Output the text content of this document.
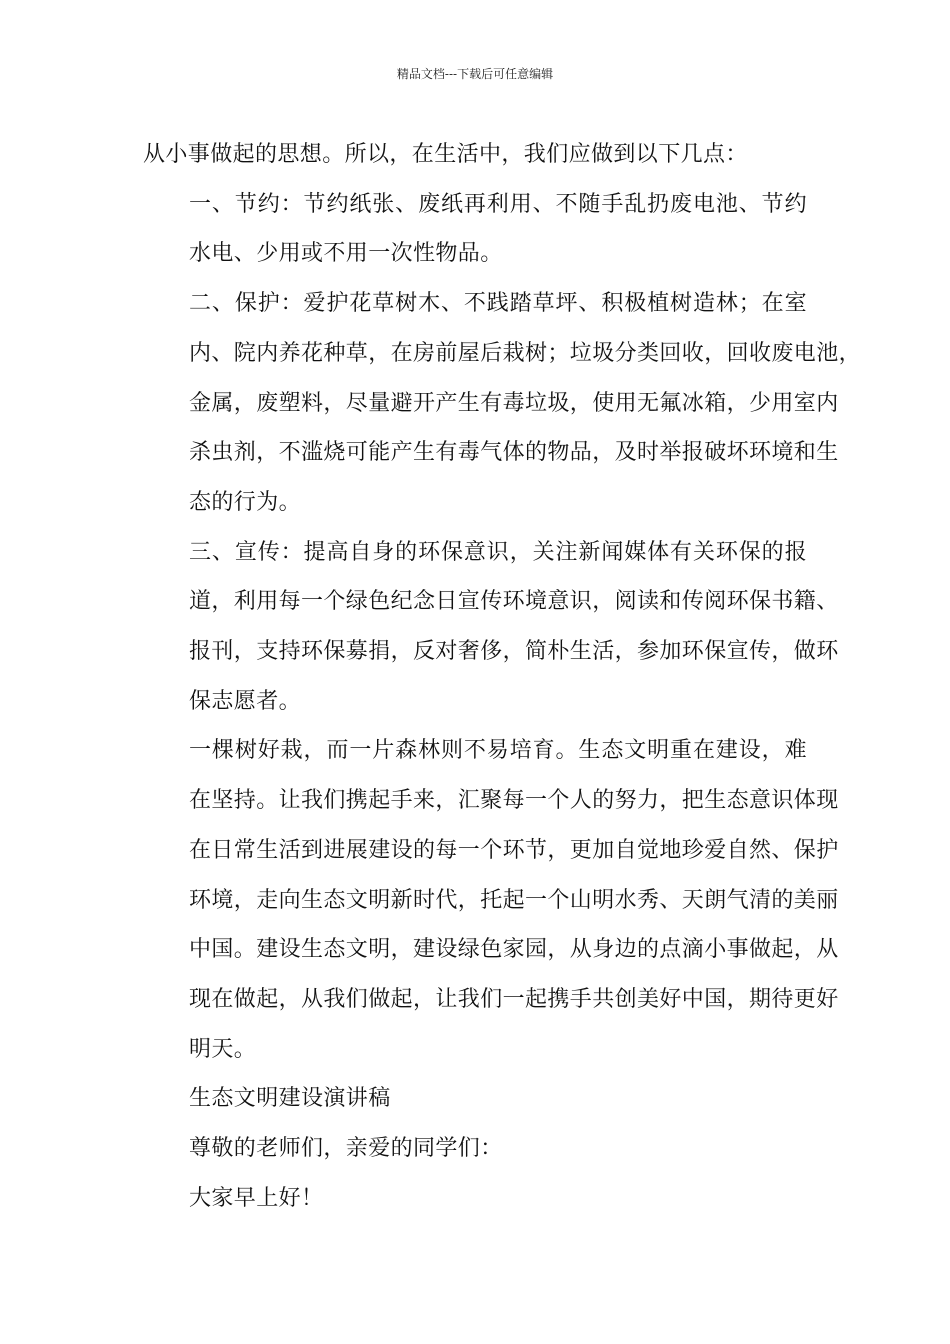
精品文档---下载后可任意编辑

从小事做起的思想。所以，在生活中，我们应做到以下几点：

一、节约：节约纸张、废纸再利用、不随手乱扔废电池、节约
水电、少用或不用一次性物品。

二、保护：爱护花草树木、不践踏草坪、积极植树造林；在室
内、院内养花种草，在房前屋后栽树；垃圾分类回收，回收废电池，
金属，废塑料，尽量避开产生有毒垃圾，使用无氟冰箱，少用室内
杀虫剂，不滥烧可能产生有毒气体的物品，及时举报破坏环境和生
态的行为。

三、宣传：提高自身的环保意识，关注新闻媒体有关环保的报
道，利用每一个绿色纪念日宣传环境意识，阅读和传阅环保书籍、
报刊，支持环保募捐，反对奢侈，简朴生活，参加环保宣传，做环
保志愿者。

一棵树好栽，而一片森林则不易培育。生态文明重在建设，难
在坚持。让我们携起手来，汇聚每一个人的努力，把生态意识体现
在日常生活到进展建设的每一个环节，更加自觉地珍爱自然、保护
环境，走向生态文明新时代，托起一个山明水秀、天朗气清的美丽
中国。建设生态文明，建设绿色家园，从身边的点滴小事做起，从
现在做起，从我们做起，让我们一起携手共创美好中国，期待更好
明天。

生态文明建设演讲稿

尊敬的老师们，亲爱的同学们：

大家早上好！
